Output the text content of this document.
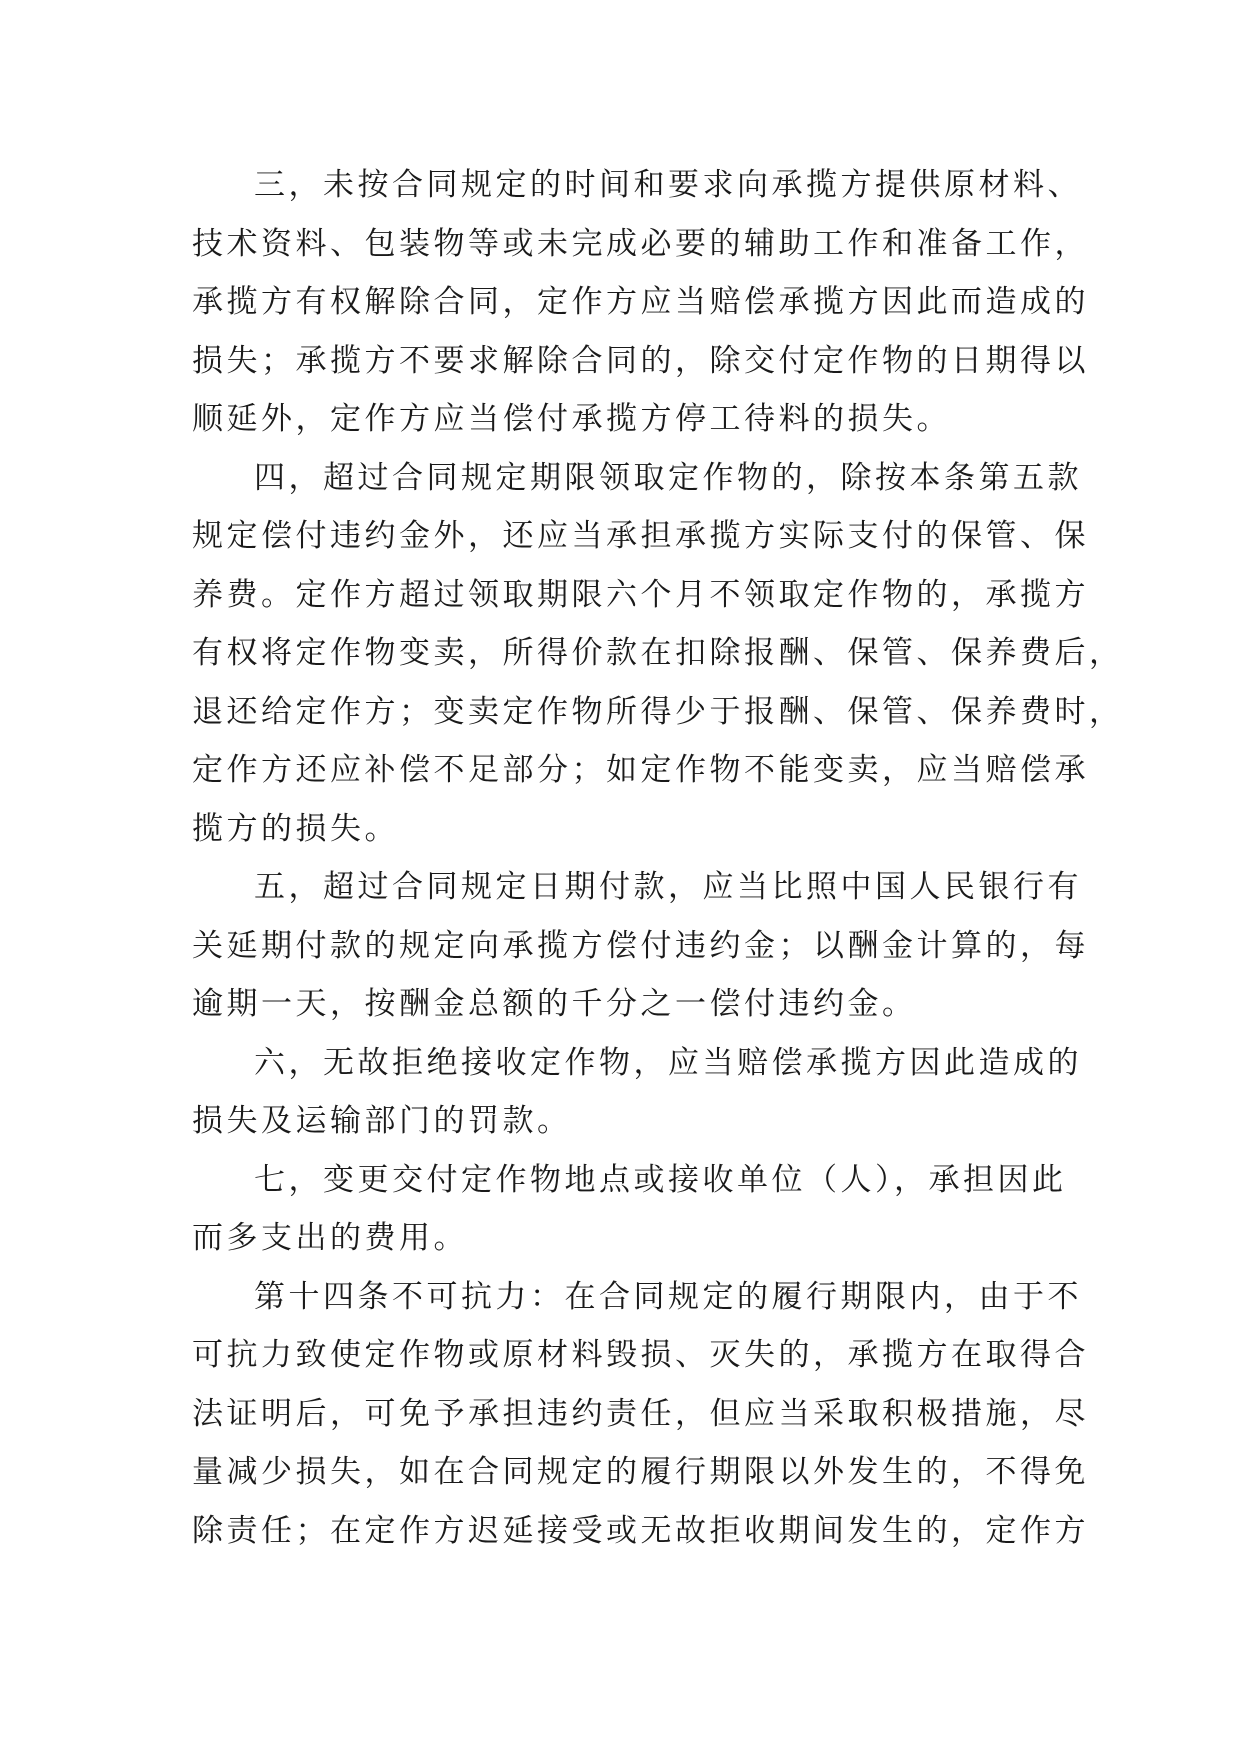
三，未按合同规定的时间和要求向承揽方提供原材料、
技术资料、包装物等或未完成必要的辅助工作和准备工作，
承揽方有权解除合同，定作方应当赔偿承揽方因此而造成的
损失；承揽方不要求解除合同的，除交付定作物的日期得以
顺延外，定作方应当偿付承揽方停工待料的损失。
四，超过合同规定期限领取定作物的，除按本条第五款
规定偿付违约金外，还应当承担承揽方实际支付的保管、保
养费。定作方超过领取期限六个月不领取定作物的，承揽方
有权将定作物变卖，所得价款在扣除报酬、保管、保养费后，
退还给定作方；变卖定作物所得少于报酬、保管、保养费时，
定作方还应补偿不足部分；如定作物不能变卖，应当赔偿承
揽方的损失。
五，超过合同规定日期付款，应当比照中国人民银行有
关延期付款的规定向承揽方偿付违约金；以酬金计算的，每
逾期一天，按酬金总额的千分之一偿付违约金。
六，无故拒绝接收定作物，应当赔偿承揽方因此造成的
损失及运输部门的罚款。
七，变更交付定作物地点或接收单位（人），承担因此
而多支出的费用。
第十四条不可抗力：在合同规定的履行期限内，由于不
可抗力致使定作物或原材料毁损、灭失的，承揽方在取得合
法证明后，可免予承担违约责任，但应当采取积极措施，尽
量减少损失，如在合同规定的履行期限以外发生的，不得免
除责任；在定作方迟延接受或无故拒收期间发生的，定作方
